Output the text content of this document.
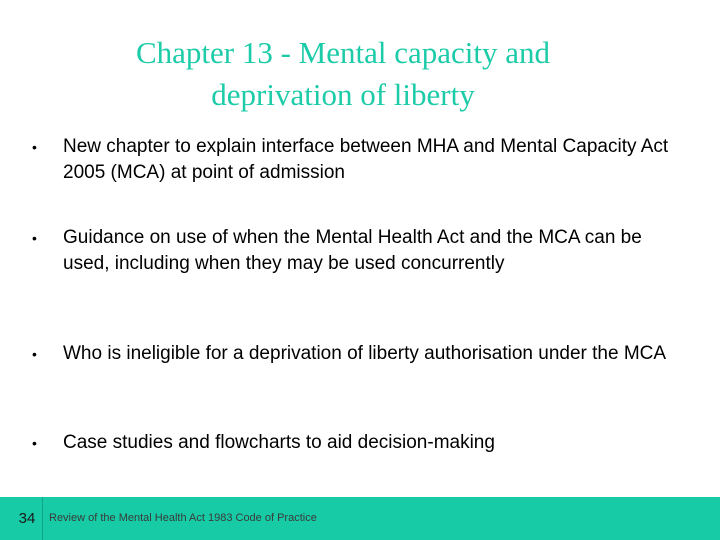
Chapter 13 - Mental capacity and
deprivation of liberty
• New chapter to explain interface between MHA and Mental Capacity Act 2005 (MCA) at point of admission
• Guidance on use of when the Mental Health Act and the MCA can be used, including when they may be used concurrently
• Who is ineligible for a deprivation of liberty authorisation under the MCA
• Case studies and flowcharts to aid decision-making
34	Review of the Mental Health Act 1983 Code of Practice
